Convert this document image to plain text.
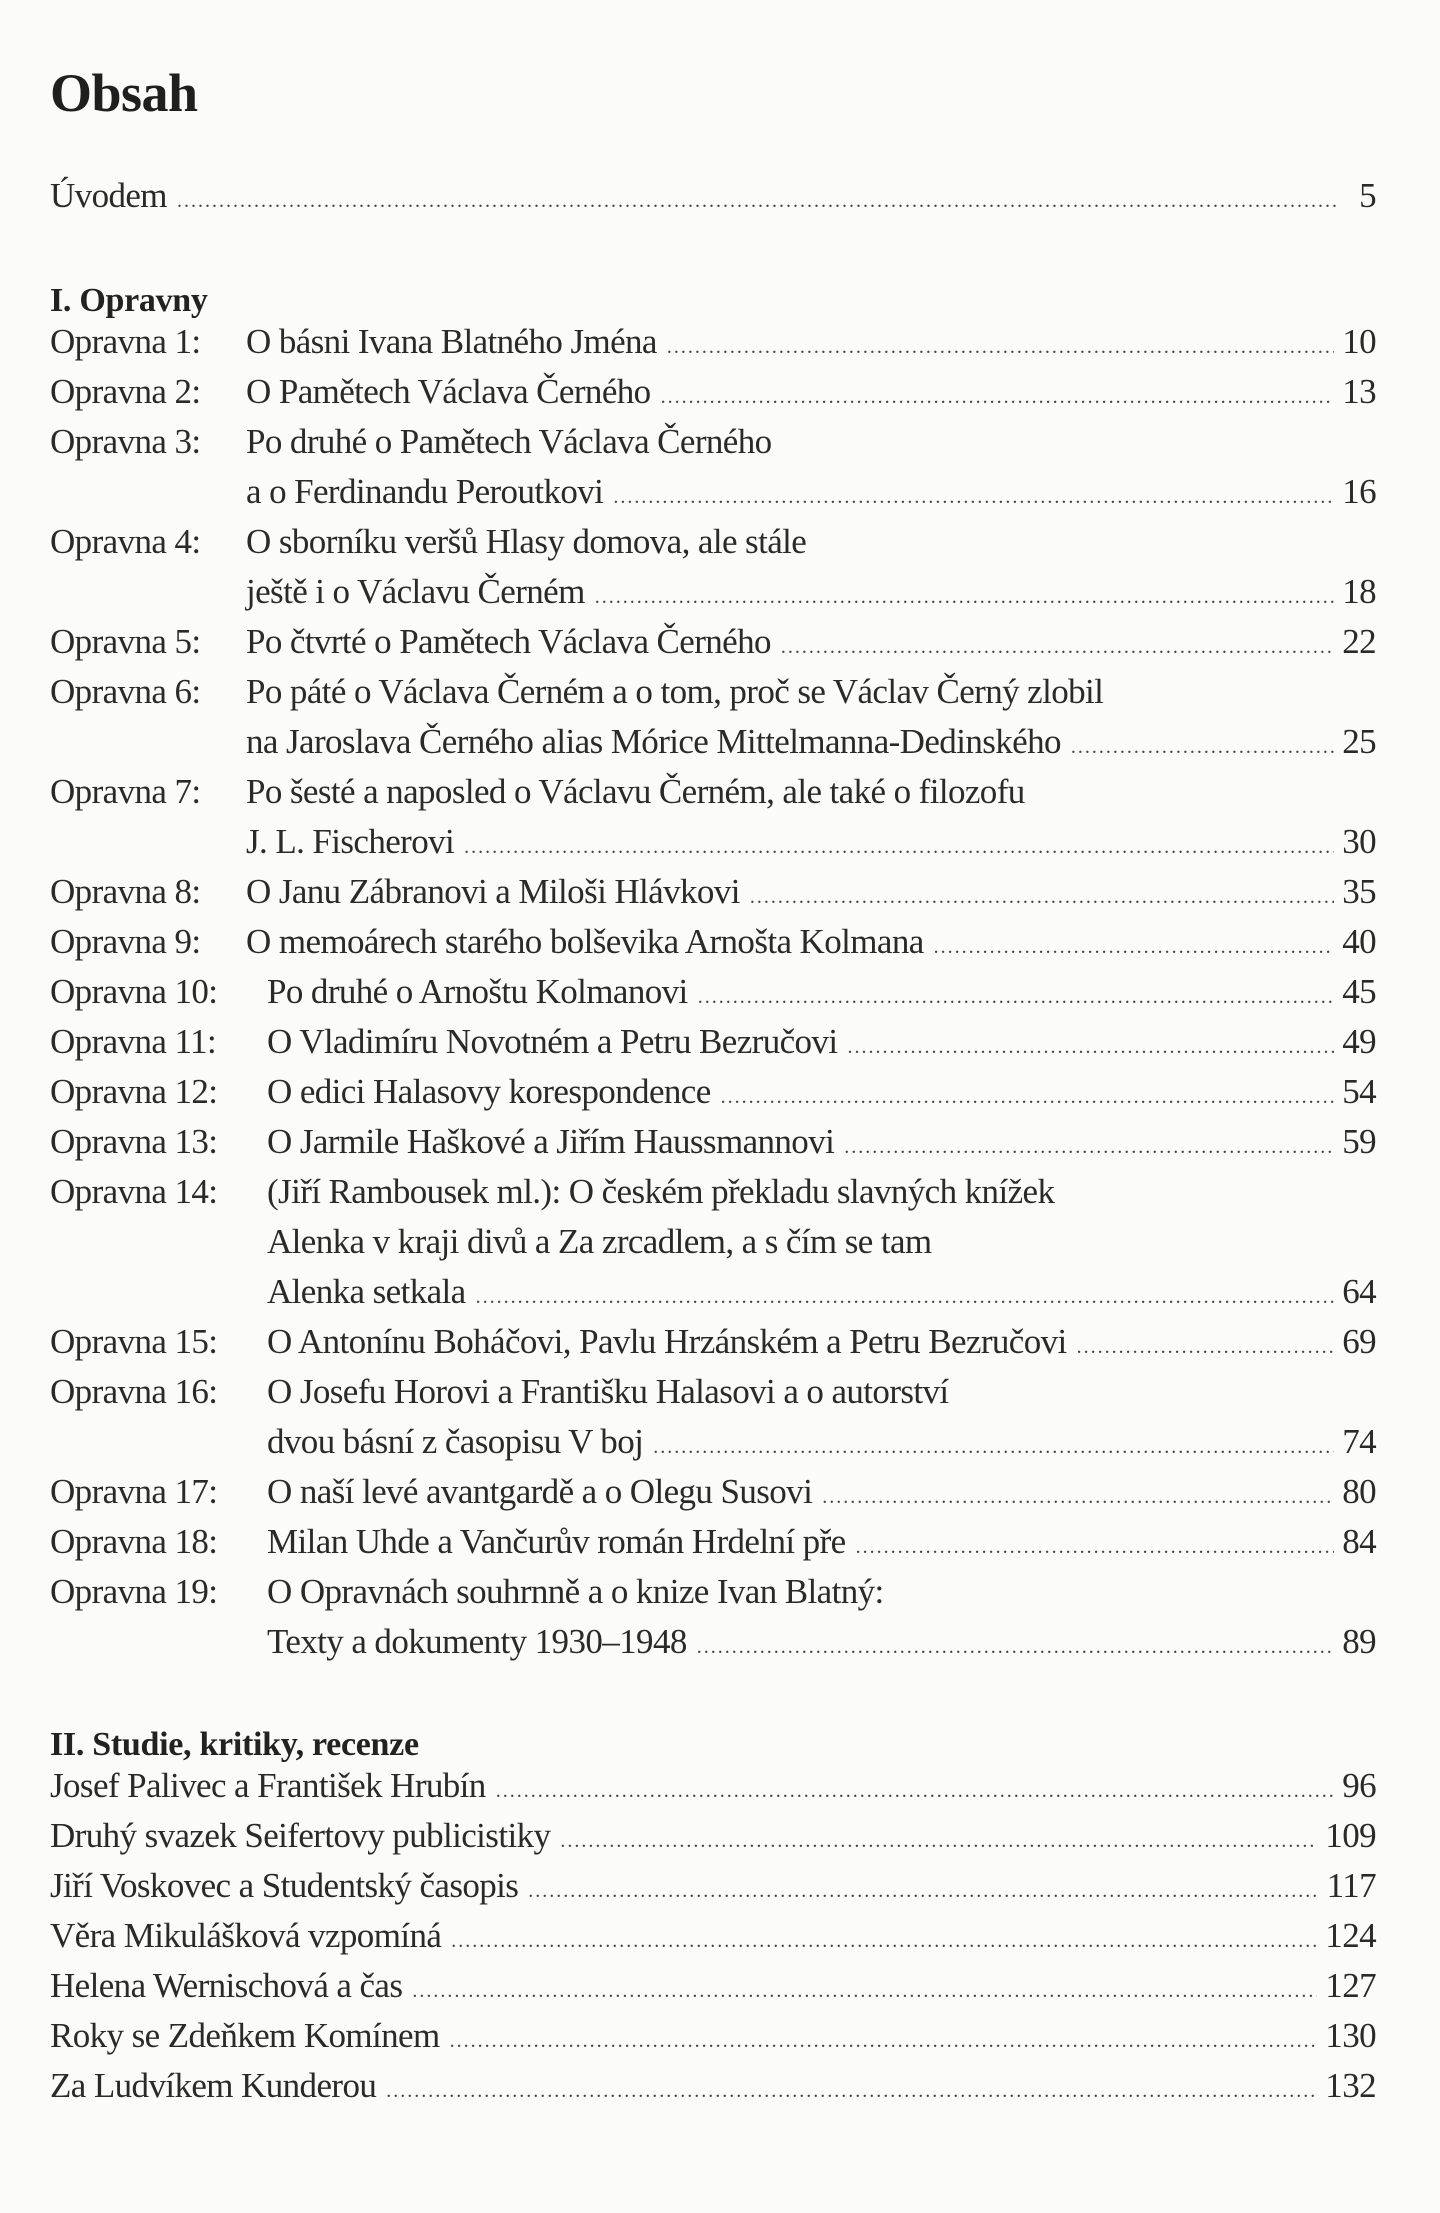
Obsah
Úvodem .....	5
I. Opravny
Opravna 1:	O básni Ivana Blatného Jména .....	10
Opravna 2:	O Pamětech Václava Černého .....	13
Opravna 3:	Po druhé o Pamětech Václava Černého
a o Ferdinandu Peroutkovi .....	16
Opravna 4:	O sborníku veršů Hlasy domova, ale stále
ještě i o Václavu Černém .....	18
Opravna 5:	Po čtvrté o Pamětech Václava Černého .....	22
Opravna 6:	Po páté o Václava Černém a o tom, proč se Václav Černý zlobil
na Jaroslava Černého alias Mórice Mittelmanna-Dedinského .....	25
Opravna 7:	Po šesté a naposled o Václavu Černém, ale také o filozofu
J. L. Fischerovi .....	30
Opravna 8:	O Janu Zábranovi a Miloši Hlávkovi .....	35
Opravna 9:	O memoárech starého bolševika Arnošta Kolmana .....	40
Opravna 10:	Po druhé o Arnoštu Kolmanovi .....	45
Opravna 11:	O Vladimíru Novotném a Petru Bezručovi .....	49
Opravna 12:	O edici Halasovy korespondence .....	54
Opravna 13:	O Jarmile Haškové a Jiřím Haussmannovi .....	59
Opravna 14:	(Jiří Rambousek ml.): O českém překladu slavných knížek
Alenka v kraji divů a Za zrcadlem, a s čím se tam
Alenka setkala .....	64
Opravna 15:	O Antonínu Boháčovi, Pavlu Hrzánském a Petru Bezručovi .....	69
Opravna 16:	O Josefu Horovi a Františku Halasovi a o autorství
dvou básní z časopisu V boj .....	74
Opravna 17:	O naší levé avantgardě a o Olegu Susovi .....	80
Opravna 18:	Milan Uhde a Vančurův román Hrdelní pře .....	84
Opravna 19:	O Opravnách souhrnně a o knize Ivan Blatný:
Texty a dokumenty 1930–1948 .....	89
II. Studie, kritiky, recenze
Josef Palivec a František Hrubín .....	96
Druhý svazek Seifertovy publicistiky .....	109
Jiří Voskovec a Studentský časopis .....	117
Věra Mikulášková vzpomíná .....	124
Helena Wernischová a čas .....	127
Roky se Zdeňkem Komínem .....	130
Za Ludvíkem Kunderou .....	132
